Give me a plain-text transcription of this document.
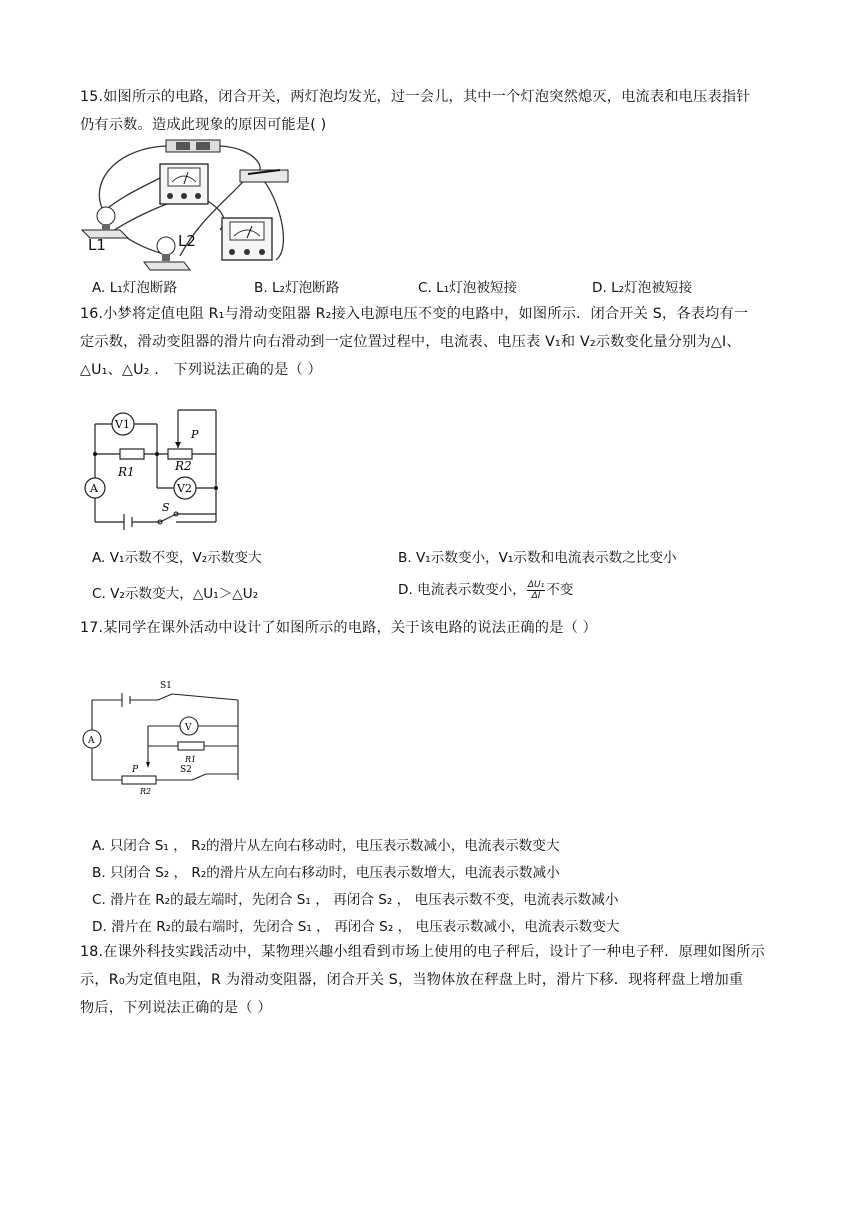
15.如图所示的电路，闭合开关，两灯泡均发光，过一会儿，其中一个灯泡突然熄灭，电流表和电压表指针
仍有示数。造成此现象的原因可能是( )
L1	L2
A. L₁灯泡断路	B. L₂灯泡断路	C. L₁灯泡被短接	D. L₂灯泡被短接
16.小梦将定值电阻 R₁与滑动变阻器 R₂接入电源电压不变的电路中，如图所示．闭合开关 S，各表均有一
定示数，滑动变阻器的滑片向右滑动到一定位置过程中，电流表、电压表 V₁和 V₂示数变化量分别为△I、
△U₁、△U₂ ． 下列说法正确的是（ ）
V1
V2
A
R1	R2
P
S
A. V₁示数不变，V₂示数变大	B. V₁示数变小，V₁示数和电流表示数之比变小
C. V₂示数变大，△U₁＞△U₂	D. 电流表示数变小， $\frac{\text{ΔU₁}}{\Delta I}$ 不变
17.某同学在课外活动中设计了如图所示的电路，关于该电路的说法正确的是（ ）
S1
V
A
R1
P	S2
R2
A. 只闭合 S₁ ， R₂的滑片从左向右移动时，电压表示数减小，电流表示数变大
B. 只闭合 S₂ ， R₂的滑片从左向右移动时，电压表示数增大，电流表示数减小
C. 滑片在 R₂的最左端时，先闭合 S₁ ， 再闭合 S₂ ， 电压表示数不变，电流表示数减小
D. 滑片在 R₂的最右端时，先闭合 S₁ ， 再闭合 S₂ ， 电压表示数减小，电流表示数变大
18.在课外科技实践活动中，某物理兴趣小组看到市场上使用的电子秤后，设计了一种电子秤．原理如图所示
示，R₀为定值电阻，R 为滑动变阻器，闭合开关 S，当物体放在秤盘上时，滑片下移．现将秤盘上增加重
物后，下列说法正确的是（ ）
